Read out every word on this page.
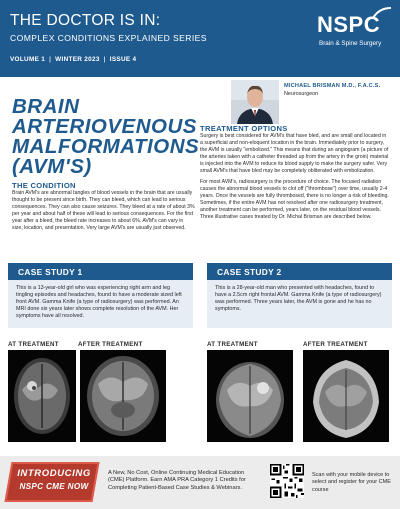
THE DOCTOR IS IN:
COMPLEX CONDITIONS EXPLAINED SERIES
VOLUME 1 | WINTER 2023 | ISSUE 4
NSPC
Brain & Spine Surgery
BRAIN ARTERIOVENOUS MALFORMATIONS (AVM'S)
THE CONDITION
Brain AVM's are abnormal tangles of blood vessels in the brain that are usually thought to be present since birth. They can bleed, which can lead to serious consequences. They can also cause seizures. They bleed at a rate of about 3% per year and about half of these will lead to serious consequences. For the first year after a bleed, the bleed rate increases to about 6%. AVM's can vary in size, location, and presentation. Very large AVM's are usually just observed.
MICHAEL BRISMAN M.D., F.A.C.S.
Neurosurgeon
TREATMENT OPTIONS

Surgery is best considered for AVM's that have bled, and are small and located in a superficial and non-eloquent location in the brain. Immediately prior to surgery, the AVM is usually "embolized." This means that during an angiogram (a picture of the arteries taken with a catheter threaded up from the artery in the groin) material is injected into the AVM to reduce its blood supply to make the surgery safer. Very small AVM's that have bled may be completely obliterated with embolization.

For most AVM's, radiosurgery is the procedure of choice. The focused radiation causes the abnormal blood vessels to clot off ("thrombose") over time, usually 2-4 years. Once the vessels are fully thrombosed, there is no longer a risk of bleeding. Sometimes, if the entire AVM has not resolved after one radiosurgery treatment, another treatment can be performed, years later, on the residual blood vessels. Three illustrative cases treated by Dr. Michal Brisman are described below.

CASE STUDY 1
This is a 13-year-old girl who was experiencing right arm and leg tingling episodes and headaches, found to have a moderate sized left front AVM. Gamma Knife (a type of radiosurgery) was performed. An MRI done six years later shows complete resolution of the AVM. Her symptoms have all resolved.
AT TREATMENT	AFTER TREATMENT
CASE STUDY 2
This is a 28-year-old man who presented with headaches, found to have a 2.5cm right frontal AVM. Gamma Knife (a type of radiosurgery) was performed. Three years later, the AVM is gone and he has no symptoms.
AT TREATMENT	AFTER TREATMENT
INTRODUCING
NSPC CME NOW
A New, No Cost, Online Continuing Medical Education (CME) Platform. Earn AMA PRA Category 1 Credits for Completing Patient-Based Case Studies & Webinars.
Scan with your mobile device to select and register for your CME course
